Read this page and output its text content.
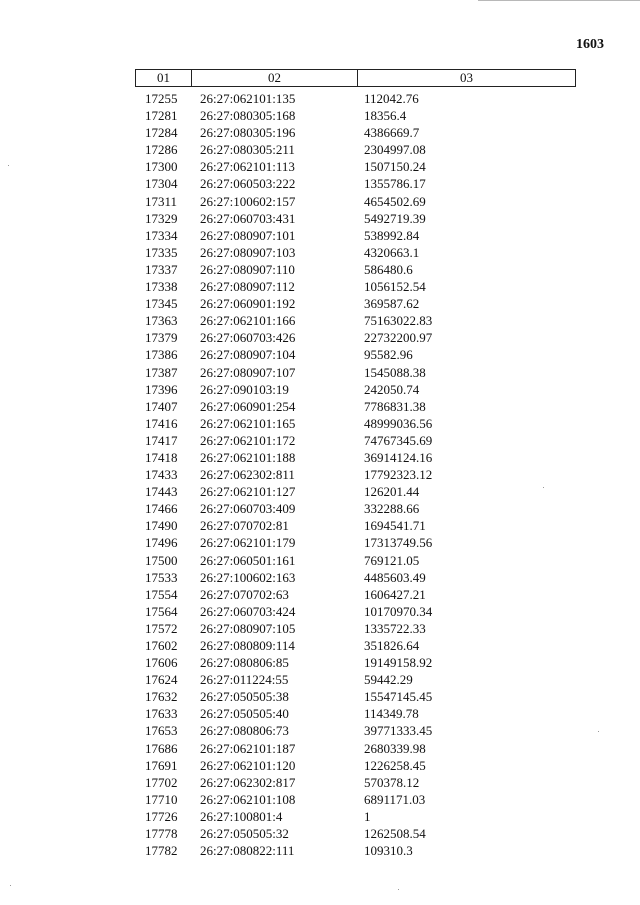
1603
01	02	03
17255 26:27:062101:135	112042.76
17281 26:27:080305:168	18356.4
17284 26:27:080305:196	4386669.7
17286 26:27:080305:211	2304997.08
17300 26:27:062101:113	1507150.24
17304 26:27:060503:222	1355786.17
17311 26:27:100602:157	4654502.69
17329 26:27:060703:431	5492719.39
17334 26:27:080907:101	538992.84
17335 26:27:080907:103	4320663.1
17337 26:27:080907:110	586480.6
17338 26:27:080907:112	1056152.54
17345 26:27:060901:192	369587.62
17363 26:27:062101:166	75163022.83
17379 26:27:060703:426	22732200.97
17386 26:27:080907:104	95582.96
17387 26:27:080907:107	1545088.38
17396 26:27:090103:19	242050.74
17407 26:27:060901:254	7786831.38
17416 26:27:062101:165	48999036.56
17417 26:27:062101:172	74767345.69
17418 26:27:062101:188	36914124.16
17433 26:27:062302:811	17792323.12
17443 26:27:062101:127	126201.44
17466 26:27:060703:409	332288.66
17490 26:27:070702:81	1694541.71
17496 26:27:062101:179	17313749.56
17500 26:27:060501:161	769121.05
17533 26:27:100602:163	4485603.49
17554 26:27:070702:63	1606427.21
17564 26:27:060703:424	10170970.34
17572 26:27:080907:105	1335722.33
17602 26:27:080809:114	351826.64
17606 26:27:080806:85	19149158.92
17624 26:27:011224:55	59442.29
17632 26:27:050505:38	15547145.45
17633 26:27:050505:40	114349.78
17653 26:27:080806:73	39771333.45
17686 26:27:062101:187	2680339.98
17691 26:27:062101:120	1226258.45
17702 26:27:062302:817	570378.12
17710 26:27:062101:108	6891171.03
17726 26:27:100801:4	1
17778 26:27:050505:32	1262508.54
17782 26:27:080822:111	109310.3
